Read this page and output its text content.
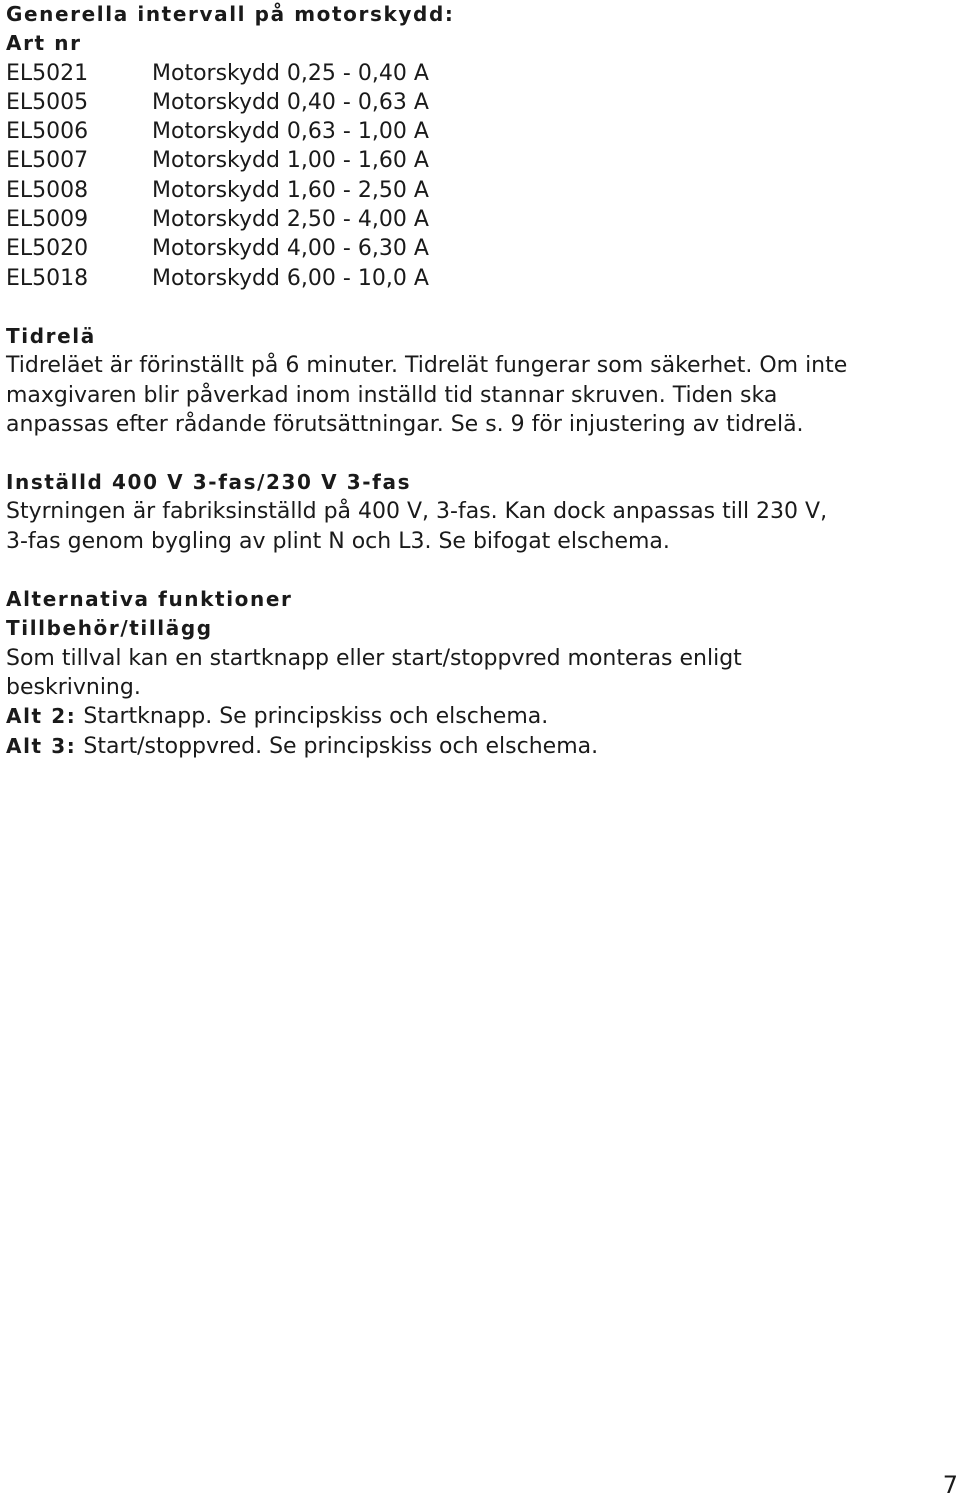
Generella intervall på motorskydd:
Art nr
EL5021	Motorskydd 0,25 - 0,40 A
EL5005	Motorskydd 0,40 - 0,63 A
EL5006	Motorskydd 0,63 - 1,00 A
EL5007	Motorskydd 1,00 - 1,60 A
EL5008	Motorskydd 1,60 - 2,50 A
EL5009	Motorskydd 2,50 - 4,00 A
EL5020	Motorskydd 4,00 - 6,30 A
EL5018	Motorskydd 6,00 - 10,0 A
Tidrelä
Tidreläet är förinställt på 6 minuter. Tidrelät fungerar som säkerhet. Om inte
maxgivaren blir påverkad inom inställd tid stannar skruven. Tiden ska
anpassas efter rådande förutsättningar. Se s. 9 för injustering av tidrelä.
Inställd 400 V 3-fas/230 V 3-fas
Styrningen är fabriksinställd på 400 V, 3-fas. Kan dock anpassas till 230 V,
3-fas genom bygling av plint N och L3. Se bifogat elschema.
Alternativa funktioner
Tillbehör/tillägg
Som tillval kan en startknapp eller start/stoppvred monteras enligt
beskrivning.
Alt 2: Startknapp. Se principskiss och elschema.
Alt 3: Start/stoppvred. Se principskiss och elschema.
7
